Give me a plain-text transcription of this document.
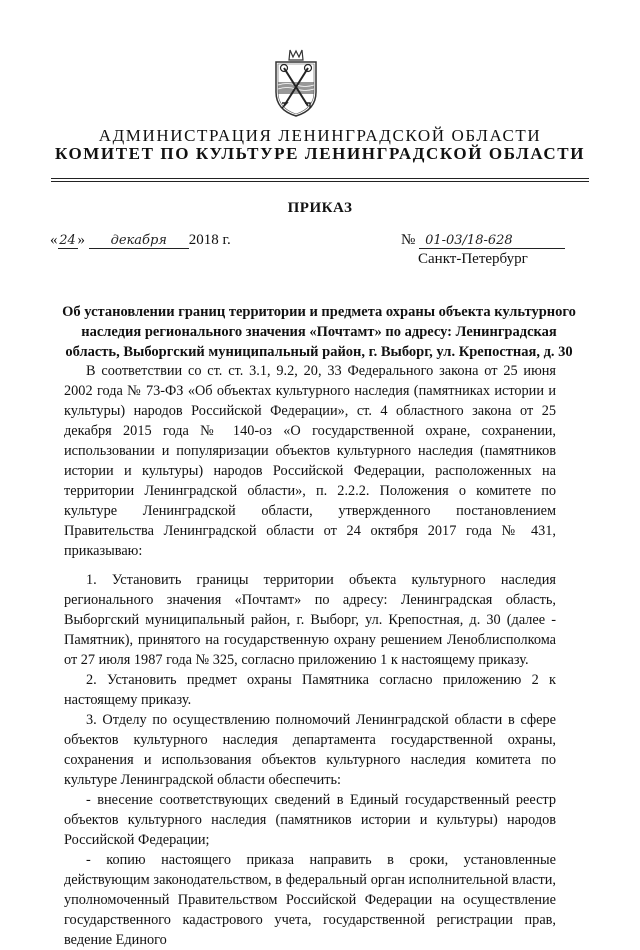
АДМИНИСТРАЦИЯ ЛЕНИНГРАДСКОЙ ОБЛАСТИ
КОМИТЕТ ПО КУЛЬТУРЕ ЛЕНИНГРАДСКОЙ ОБЛАСТИ
ПРИКАЗ
« 24 » декабря 2018 г.	№ 01-03/18-628
Санкт-Петербург
Об установлении границ территории и предмета охраны объекта культурного наследия регионального значения «Почтамт» по адресу: Ленинградская область, Выборгский муниципальный район, г. Выборг, ул. Крепостная, д. 30

В соответствии со ст. ст. 3.1, 9.2, 20, 33 Федерального закона от 25 июня 2002 года № 73-ФЗ «Об объектах культурного наследия (памятниках истории и культуры) народов Российской Федерации», ст. 4 областного закона от 25 декабря 2015 года № 140-оз «О государственной охране, сохранении, использовании и популяризации объектов культурного наследия (памятников истории и культуры) народов Российской Федерации, расположенных на территории Ленинградской области», п. 2.2.2. Положения о комитете по культуре Ленинградской области, утвержденного постановлением Правительства Ленинградской области от 24 октября 2017 года № 431, приказываю:

1. Установить границы территории объекта культурного наследия регионального значения «Почтамт» по адресу: Ленинградская область, Выборгский муниципальный район, г. Выборг, ул. Крепостная, д. 30 (далее - Памятник), принятого на государственную охрану решением Леноблисполкома от 27 июля 1987 года № 325, согласно приложению 1 к настоящему приказу.

2. Установить предмет охраны Памятника согласно приложению 2 к настоящему приказу.

3. Отделу по осуществлению полномочий Ленинградской области в сфере объектов культурного наследия департамента государственной охраны, сохранения и использования объектов культурного наследия комитета по культуре Ленинградской области обеспечить:

- внесение соответствующих сведений в Единый государственный реестр объектов культурного наследия (памятников истории и культуры) народов Российской Федерации;

- копию настоящего приказа направить в сроки, установленные действующим законодательством, в федеральный орган исполнительной власти, уполномоченный Правительством Российской Федерации на осуществление государственного кадастрового учета, государственной регистрации прав, ведение Единого
